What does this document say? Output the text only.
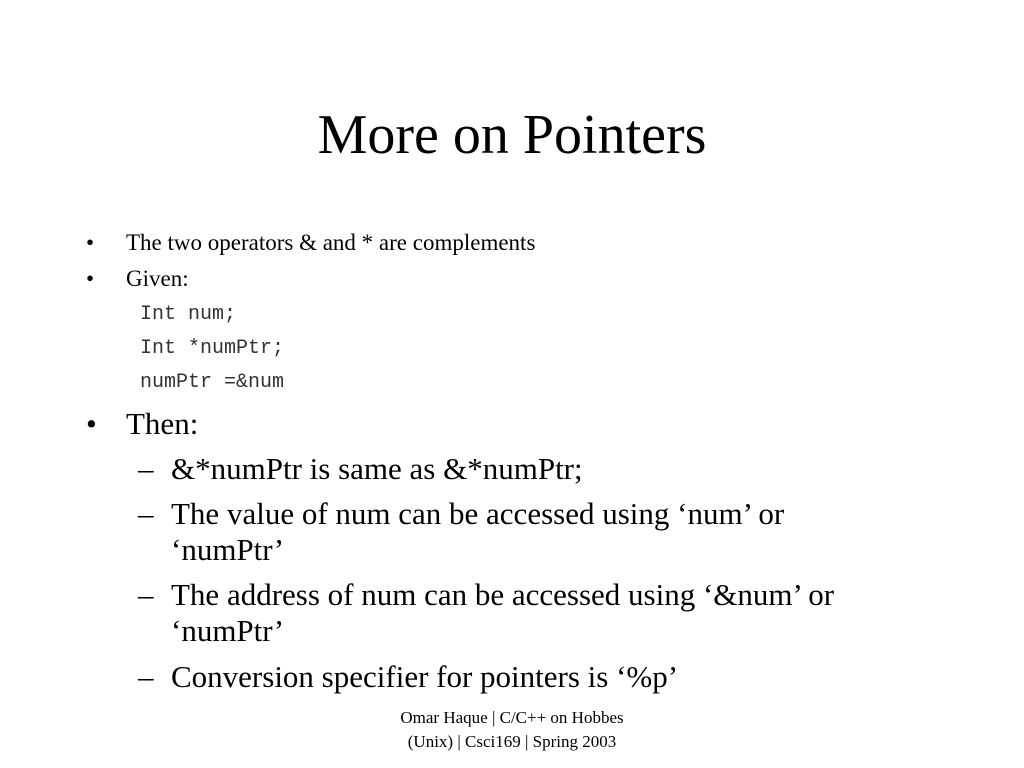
More on Pointers
• The two operators & and * are complements
• Given:
Int num;
Int *numPtr;
numPtr =&num
• Then:
– &*numPtr is same as &*numPtr;
– The value of num can be accessed using ‘num’ or
‘numPtr’
– The address of num can be accessed using ‘&num’ or
‘numPtr’
– Conversion specifier for pointers is ‘%p’
Omar Haque | C/C++ on Hobbes
(Unix) | Csci169 | Spring 2003
